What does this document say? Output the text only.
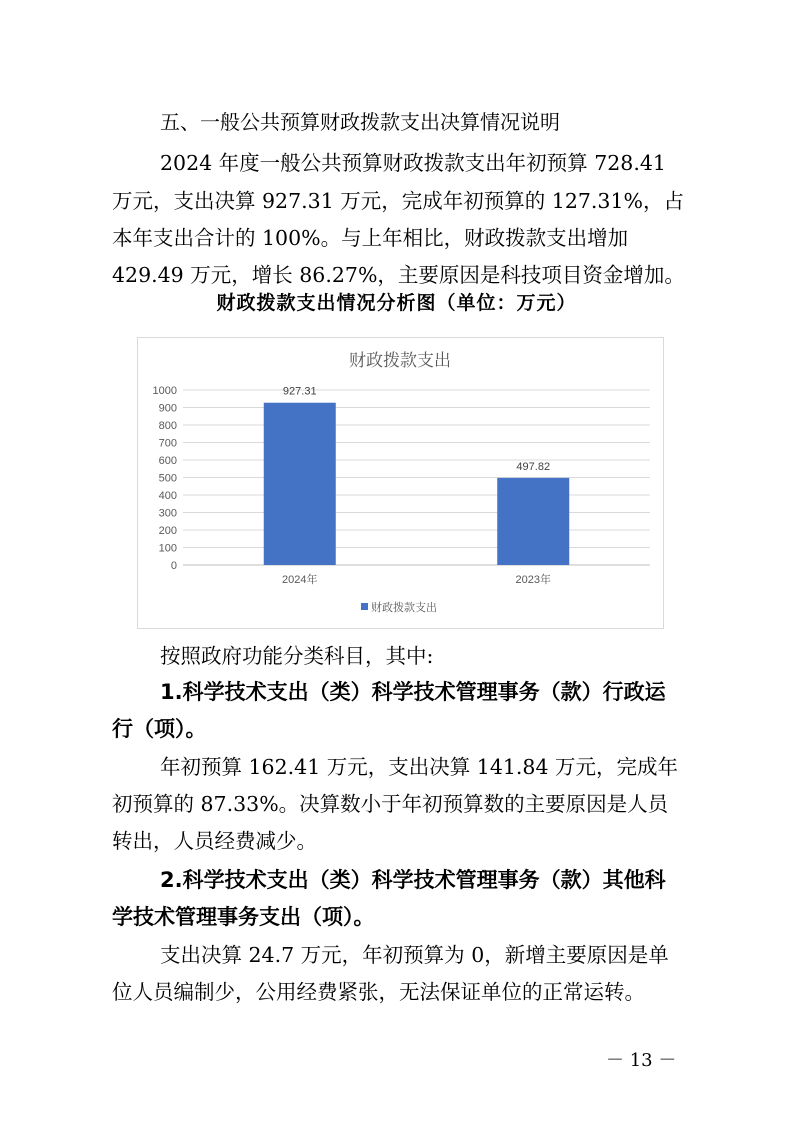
五、一般公共预算财政拨款支出决算情况说明
2024 年度一般公共预算财政拨款支出年初预算 728.41
万元，支出决算 927.31 万元，完成年初预算的 127.31%，占
本年支出合计的 100%。与上年相比，财政拨款支出增加
429.49 万元，增长 86.27%，主要原因是科技项目资金增加。
财政拨款支出情况分析图（单位：万元）
财政拨款支出
0
100
200
300
400
500
600
700
800
900
1000	927.31
2024年
497.82
2023年
财政拨款支出
按照政府功能分类科目，其中:
1.科学技术支出（类）科学技术管理事务（款）行政运
行（项）。
年初预算 162.41 万元，支出决算 141.84 万元，完成年
初预算的 87.33%。决算数小于年初预算数的主要原因是人员
转出，人员经费减少。
2.科学技术支出（类）科学技术管理事务（款）其他科
学技术管理事务支出（项）。
支出决算 24.7 万元，年初预算为 0，新增主要原因是单
位人员编制少，公用经费紧张，无法保证单位的正常运转。
－ 13 －
